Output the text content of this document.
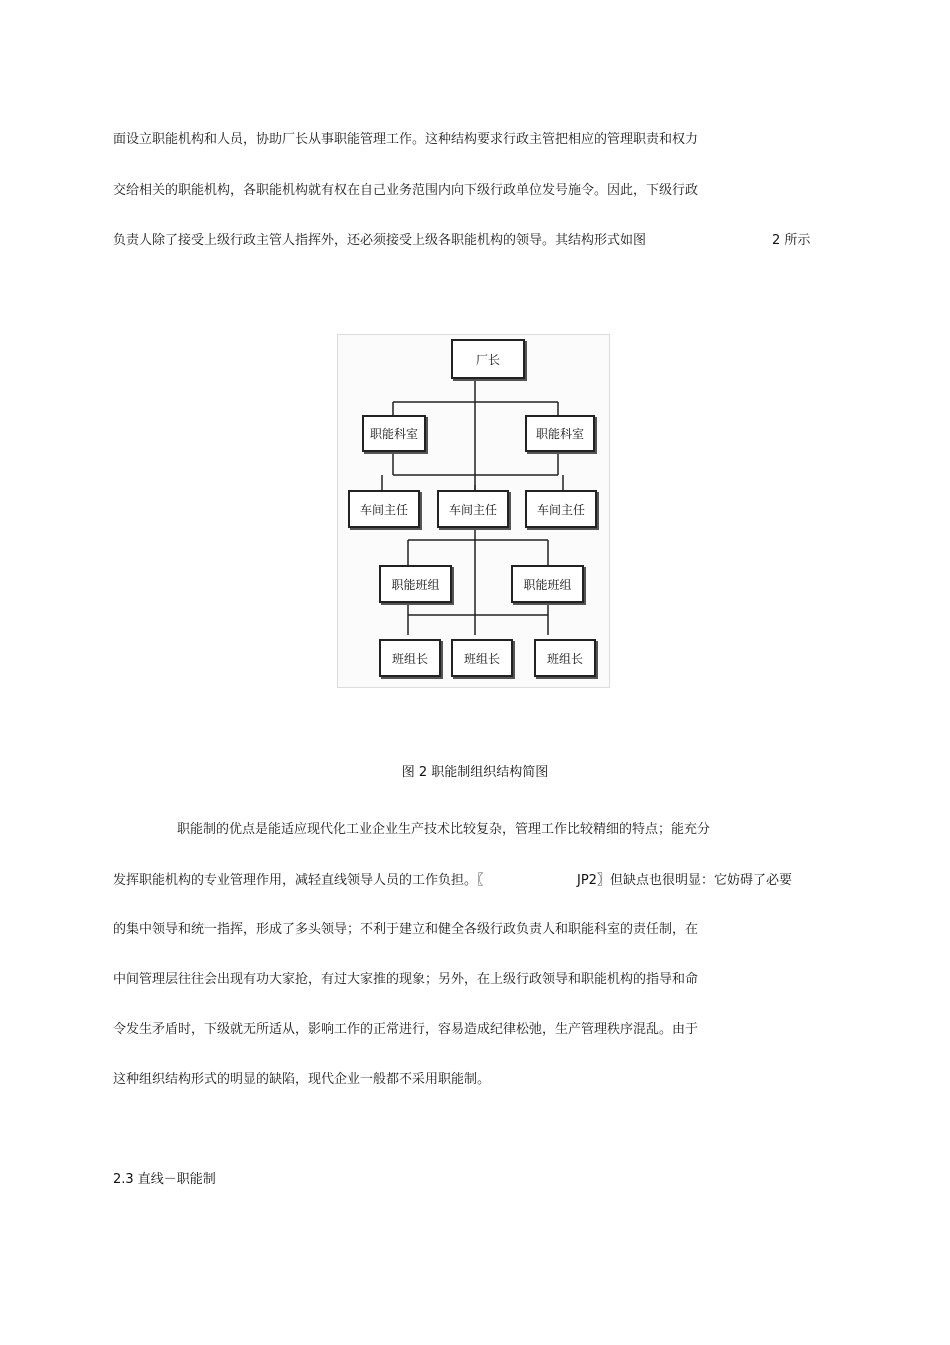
面设立职能机构和人员，协助厂长从事职能管理工作。这种结构要求行政主管把相应的管理职责和权力
交给相关的职能机构，各职能机构就有权在自己业务范围内向下级行政单位发号施令。因此，下级行政
负责人除了接受上级行政主管人指挥外，还必须接受上级各职能机构的领导。其结构形式如图	2 所示
厂长
职能科室	职能科室
车间主任	车间主任	车间主任
职能班组	职能班组
班组长	班组长	班组长
图 2 职能制组织结构简图
职能制的优点是能适应现代化工业企业生产技术比较复杂，管理工作比较精细的特点；能充分
发挥职能机构的专业管理作用，减轻直线领导人员的工作负担。〖	JP2〗但缺点也很明显：它妨碍了必要
的集中领导和统一指挥，形成了多头领导；不利于建立和健全各级行政负责人和职能科室的责任制，在
中间管理层往往会出现有功大家抢，有过大家推的现象；另外，在上级行政领导和职能机构的指导和命
令发生矛盾时，下级就无所适从，影响工作的正常进行，容易造成纪律松弛，生产管理秩序混乱。由于
这种组织结构形式的明显的缺陷，现代企业一般都不采用职能制。
2.3 直线－职能制
